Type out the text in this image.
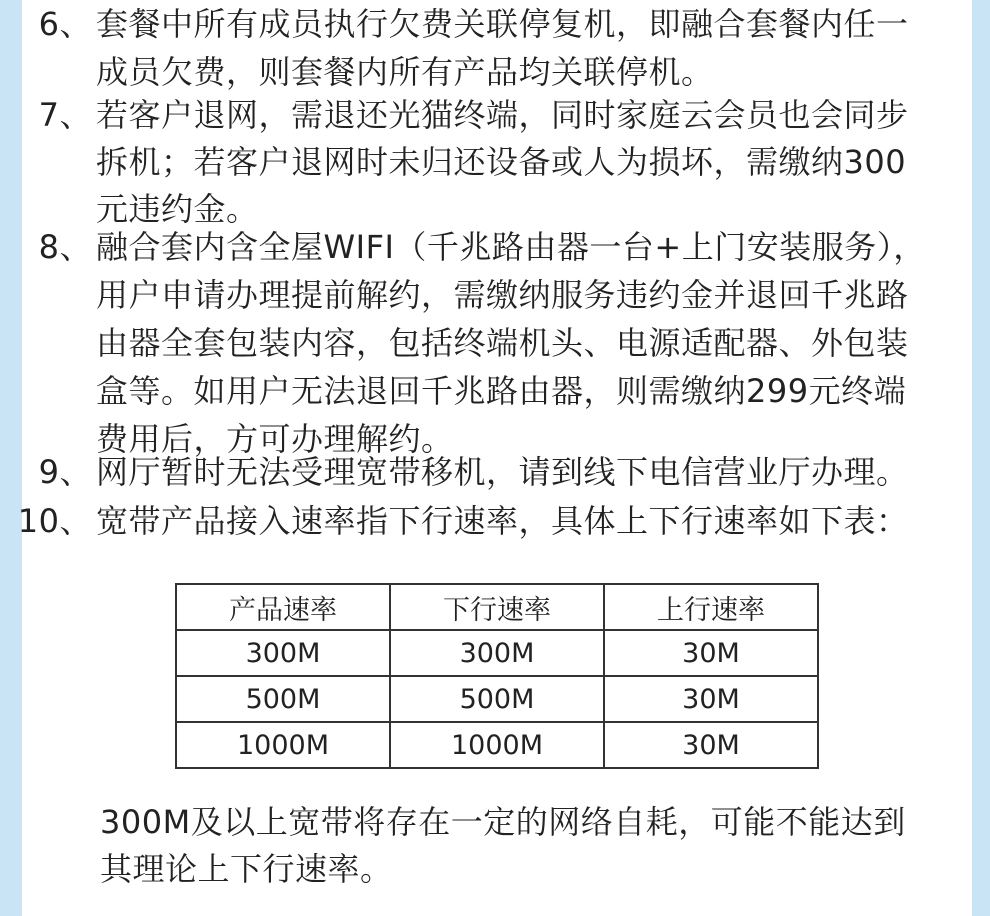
6、 套餐中所有成员执行欠费关联停复机，即融合套餐内任一
成员欠费，则套餐内所有产品均关联停机。
7、 若客户退网，需退还光猫终端，同时家庭云会员也会同步
拆机；若客户退网时未归还设备或人为损坏，需缴纳300
元违约金。
8、 融合套内含全屋WIFI（千兆路由器一台+上门安装服务），
用户申请办理提前解约，需缴纳服务违约金并退回千兆路
由器全套包装内容，包括终端机头、电源适配器、外包装
盒等。如用户无法退回千兆路由器，则需缴纳299元终端
费用后，方可办理解约。
9、 网厅暂时无法受理宽带移机，请到线下电信营业厅办理。
10、 宽带产品接入速率指下行速率，具体上下行速率如下表：
产品速率	下行速率	上行速率
300M	300M	30M
500M	500M	30M
1000M	1000M	30M
300M及以上宽带将存在一定的网络自耗，可能不能达到
其理论上下行速率。
